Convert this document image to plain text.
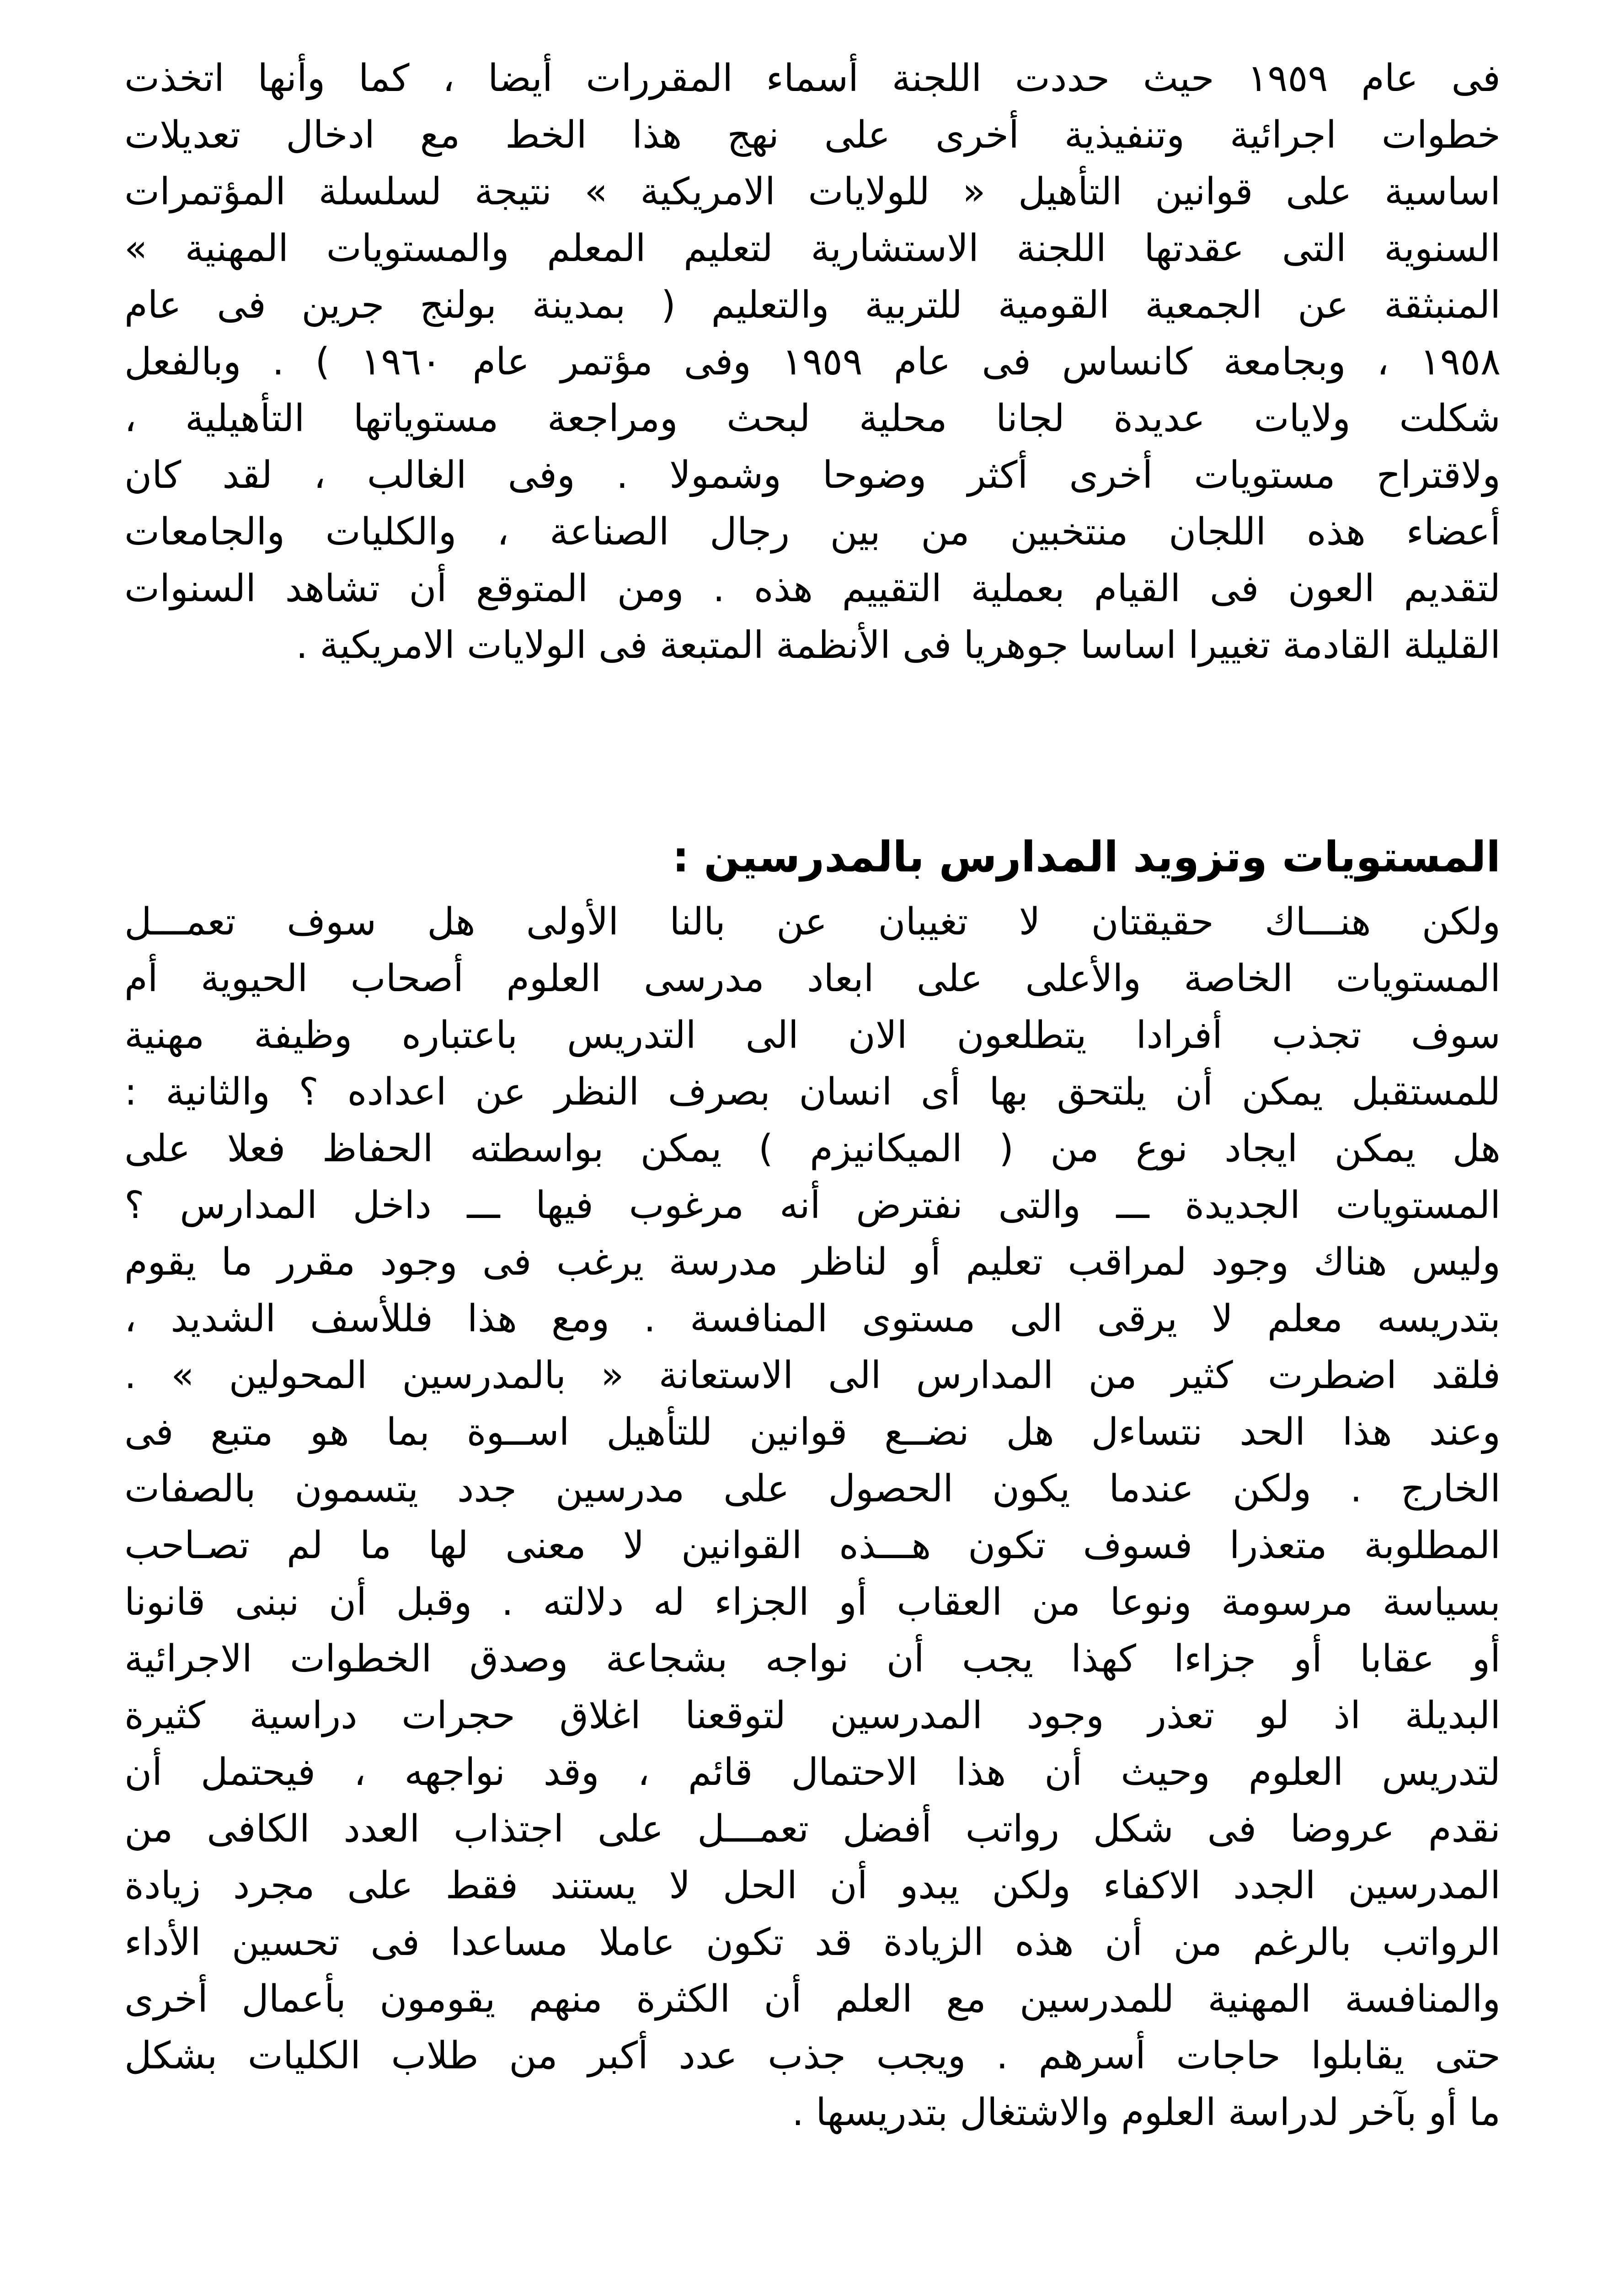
فى عام ١٩٥٩ حيث حددت اللجنة أسماء المقررات أيضا ، كما وأنها اتخذت
خطوات اجرائية وتنفيذية أخرى على نهج هذا الخط مع ادخال تعديلات
اساسية على قوانين التأهيل « للولايات الامريكية » نتيجة لسلسلة المؤتمرات
السنوية التى عقدتها اللجنة الاستشارية لتعليم المعلم والمستويات المهنية »
المنبثقة عن الجمعية القومية للتربية والتعليم ( بمدينة بولنج جرين فى عام
١٩٥٨ ، وبجامعة كانساس فى عام ١٩٥٩ وفى مؤتمر عام ١٩٦٠ ) . وبالفعل
شكلت ولايات عديدة لجانا محلية لبحث ومراجعة مستوياتها التأهيلية ،
ولاقتراح مستويات أخرى أكثر وضوحا وشمولا . وفى الغالب ، لقد كان
أعضاء هذه اللجان منتخبين من بين رجال الصناعة ، والكليات والجامعات
لتقديم العون فى القيام بعملية التقييم هذه . ومن المتوقع أن تشاهد السنوات
القليلة القادمة تغييرا اساسا جوهريا فى الأنظمة المتبعة فى الولايات الامريكية .
المستويات وتزويد المدارس بالمدرسين :
ولكن هنـــاك حقيقتان لا تغيبان عن بالنا الأولى هل سوف تعمـــل
المستويات الخاصة والأعلى على ابعاد مدرسى العلوم أصحاب الحيوية أم
سوف تجذب أفرادا يتطلعون الان الى التدريس باعتباره وظيفة مهنية
للمستقبل يمكن أن يلتحق بها أى انسان بصرف النظر عن اعداده ؟ والثانية :
هل يمكن ايجاد نوع من ( الميكانيزم ) يمكن بواسطته الحفاظ فعلا على
المستويات الجديدة ـــ والتى نفترض أنه مرغوب فيها ـــ داخل المدارس ؟
وليس هناك وجود لمراقب تعليم أو لناظر مدرسة يرغب فى وجود مقرر ما يقوم
بتدريسه معلم لا يرقى الى مستوى المنافسة . ومع هذا فللأسف الشديد ،
فلقد اضطرت كثير من المدارس الى الاستعانة « بالمدرسين المحولين » .
وعند هذا الحد نتساءل هل نضــع قوانين للتأهيل اســوة بما هو متبع فى
الخارج . ولكن عندما يكون الحصول على مدرسين جدد يتسمون بالصفات
المطلوبة متعذرا فسوف تكون هـــذه القوانين لا معنى لها ما لم تصـاحب
بسياسة مرسومة ونوعا من العقاب أو الجزاء له دلالته . وقبل أن نبنى قانونا
أو عقابا أو جزاءا كهذا يجب أن نواجه بشجاعة وصدق الخطوات الاجرائية
البديلة اذ لو تعذر وجود المدرسين لتوقعنا اغلاق حجرات دراسية كثيرة
لتدريس العلوم وحيث أن هذا الاحتمال قائم ، وقد نواجهه ، فيحتمل أن
نقدم عروضا فى شكل رواتب أفضل تعمـــل على اجتذاب العدد الكافى من
المدرسين الجدد الاكفاء ولكن يبدو أن الحل لا يستند فقط على مجرد زيادة
الرواتب بالرغم من أن هذه الزيادة قد تكون عاملا مساعدا فى تحسين الأداء
والمنافسة المهنية للمدرسين مع العلم أن الكثرة منهم يقومون بأعمال أخرى
حتى يقابلوا حاجات أسرهم . ويجب جذب عدد أكبر من طلاب الكليات بشكل
ما أو بآخر لدراسة العلوم والاشتغال بتدريسها .
